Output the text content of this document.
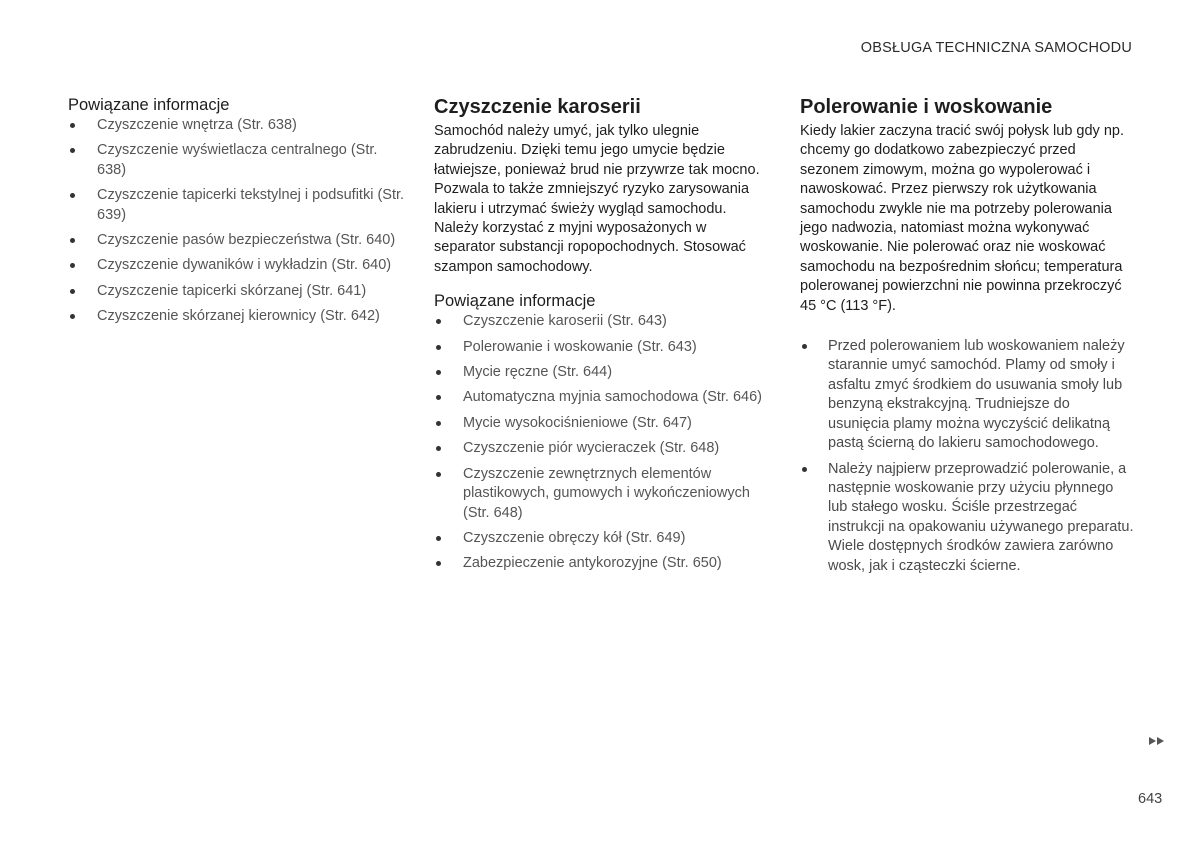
OBSŁUGA TECHNICZNA SAMOCHODU
Powiązane informacje
Czyszczenie wnętrza (Str. 638)
Czyszczenie wyświetlacza centralnego (Str. 638)
Czyszczenie tapicerki tekstylnej i podsufitki (Str. 639)
Czyszczenie pasów bezpieczeństwa (Str. 640)
Czyszczenie dywaników i wykładzin (Str. 640)
Czyszczenie tapicerki skórzanej (Str. 641)
Czyszczenie skórzanej kierownicy (Str. 642)
Czyszczenie karoserii

Samochód należy umyć, jak tylko ulegnie zabrudzeniu. Dzięki temu jego umycie będzie łatwiejsze, ponieważ brud nie przywrze tak mocno. Pozwala to także zmniejszyć ryzyko zarysowania lakieru i utrzymać świeży wygląd samochodu. Należy korzystać z myjni wyposażonych w separator substancji ropopochodnych. Stosować szampon samochodowy.

Powiązane informacje
Czyszczenie karoserii (Str. 643)
Polerowanie i woskowanie (Str. 643)
Mycie ręczne (Str. 644)
Automatyczna myjnia samochodowa (Str. 646)
Mycie wysokociśnieniowe (Str. 647)
Czyszczenie piór wycieraczek (Str. 648)
Czyszczenie zewnętrznych elementów plastikowych, gumowych i wykończeniowych (Str. 648)
Czyszczenie obręczy kół (Str. 649)
Zabezpieczenie antykorozyjne (Str. 650)
Polerowanie i woskowanie

Kiedy lakier zaczyna tracić swój połysk lub gdy np. chcemy go dodatkowo zabezpieczyć przed sezonem zimowym, można go wypolerować i nawoskować. Przez pierwszy rok użytkowania samochodu zwykle nie ma potrzeby polerowania jego nadwozia, natomiast można wykonywać woskowanie. Nie polerować oraz nie woskować samochodu na bezpośrednim słońcu; temperatura polerowanej powierzchni nie powinna przekroczyć 45 °C (113 °F).

Przed polerowaniem lub woskowaniem należy starannie umyć samochód. Plamy od smoły i asfaltu zmyć środkiem do usuwania smoły lub benzyną ekstrakcyjną. Trudniejsze do usunięcia plamy można wyczyścić delikatną pastą ścierną do lakieru samochodowego.
Należy najpierw przeprowadzić polerowanie, a następnie woskowanie przy użyciu płynnego lub stałego wosku. Ściśle przestrzegać instrukcji na opakowaniu używanego preparatu. Wiele dostępnych środków zawiera zarówno wosk, jak i cząsteczki ścierne.
643
